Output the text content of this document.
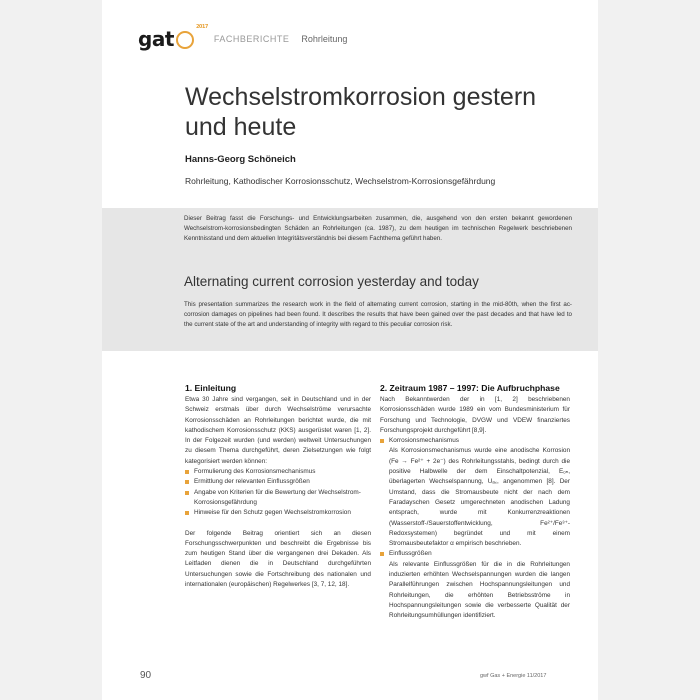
gat	2017
FACHBERICHTE Rohrleitung
Wechselstromkorrosion gestern
und heute
Hanns-Georg Schöneich
Rohrleitung, Kathodischer Korrosionsschutz, Wechselstrom-Korrosionsgefährdung
Dieser Beitrag fasst die Forschungs- und Entwicklungsarbeiten zusammen, die, ausgehend von den ersten bekannt gewordenen Wechselstrom-korrosionsbedingten Schäden an Rohrleitungen (ca. 1987), zu dem heutigen im technischen Regelwerk beschriebenen Kenntnisstand und dem aktuellen Integritätsverständnis bei diesem Fachthema geführt haben.
Alternating current corrosion yesterday and today
This presentation summarizes the research work in the field of alternating current corrosion, starting in the mid-80th, when the first ac-corrosion damages on pipelines had been found. It describes the results that have been gained over the past decades and that have led to the current state of the art and understanding of integrity with regard to this peculiar corrosion risk.
1. Einleitung

Etwa 30 Jahre sind vergangen, seit in Deutschland und in der Schweiz erstmals über durch Wechselströme verursachte Korrosionsschäden an Rohrleitungen berichtet wurde, die mit kathodischem Korrosionsschutz (KKS) ausgerüstet waren [1, 2]. In der Folgezeit wurden (und werden) weltweit Untersuchungen zu diesem Thema durchgeführt, deren Zielsetzungen wie folgt kategorisiert werden können:

Formulierung des Korrosionsmechanismus
Ermittlung der relevanten Einflussgrößen
Angabe von Kriterien für die Bewertung der Wechselstrom-Korrosionsgefährdung
Hinweise für den Schutz gegen Wechselstromkorrosion

Der folgende Beitrag orientiert sich an diesen Forschungsschwerpunkten und beschreibt die Ergebnisse bis zum heutigen Stand über die vergangenen drei Dekaden. Als Leitfaden dienen die in Deutschland durchgeführten Untersuchungen sowie die Fortschreibung des nationalen und internationalen (europäischen) Regelwerkes [3, 7, 12, 18].

2. Zeitraum 1987 – 1997: Die Aufbruchphase

Nach Bekanntwerden der in [1, 2] beschriebenen Korrosionsschäden wurde 1989 ein vom Bundesministerium für Forschung und Technologie, DVGW und VDEW finanziertes Forschungsprojekt durchgeführt [8,9].

Korrosionsmechanismus
Als Korrosionsmechanismus wurde eine anodische Korrosion (Fe → Fe²⁺ + 2e⁻) des Rohrleitungsstahls, bedingt durch die positive Halbwelle der dem Einschaltpotenzial, Eₒₙ, überlagerten Wechselspannung, Uₐ꜀, angenommen [8]. Der Umstand, dass die Stromausbeute nicht der nach dem Faradayschen Gesetz umgerechneten anodischen Ladung entsprach, wurde mit Konkurrenzreaktionen (Wasserstoff-/Sauerstoffentwicklung, Fe²⁺/Fe³⁺-Redoxsystemen) begründet und mit einem Stromausbeutefaktor α empirisch beschrieben.
Einflussgrößen
Als relevante Einflussgrößen für die in die Rohrleitungen induzierten erhöhten Wechselspannungen wurden die langen Parallelführungen zwischen Hochspannungsleitungen und Rohrleitungen, die erhöhten Betriebsströme in Hochspannungsleitungen sowie die verbesserte Qualität der Rohrleitungsumhüllungen identifiziert.
90	gwf Gas + Energie 11/2017
